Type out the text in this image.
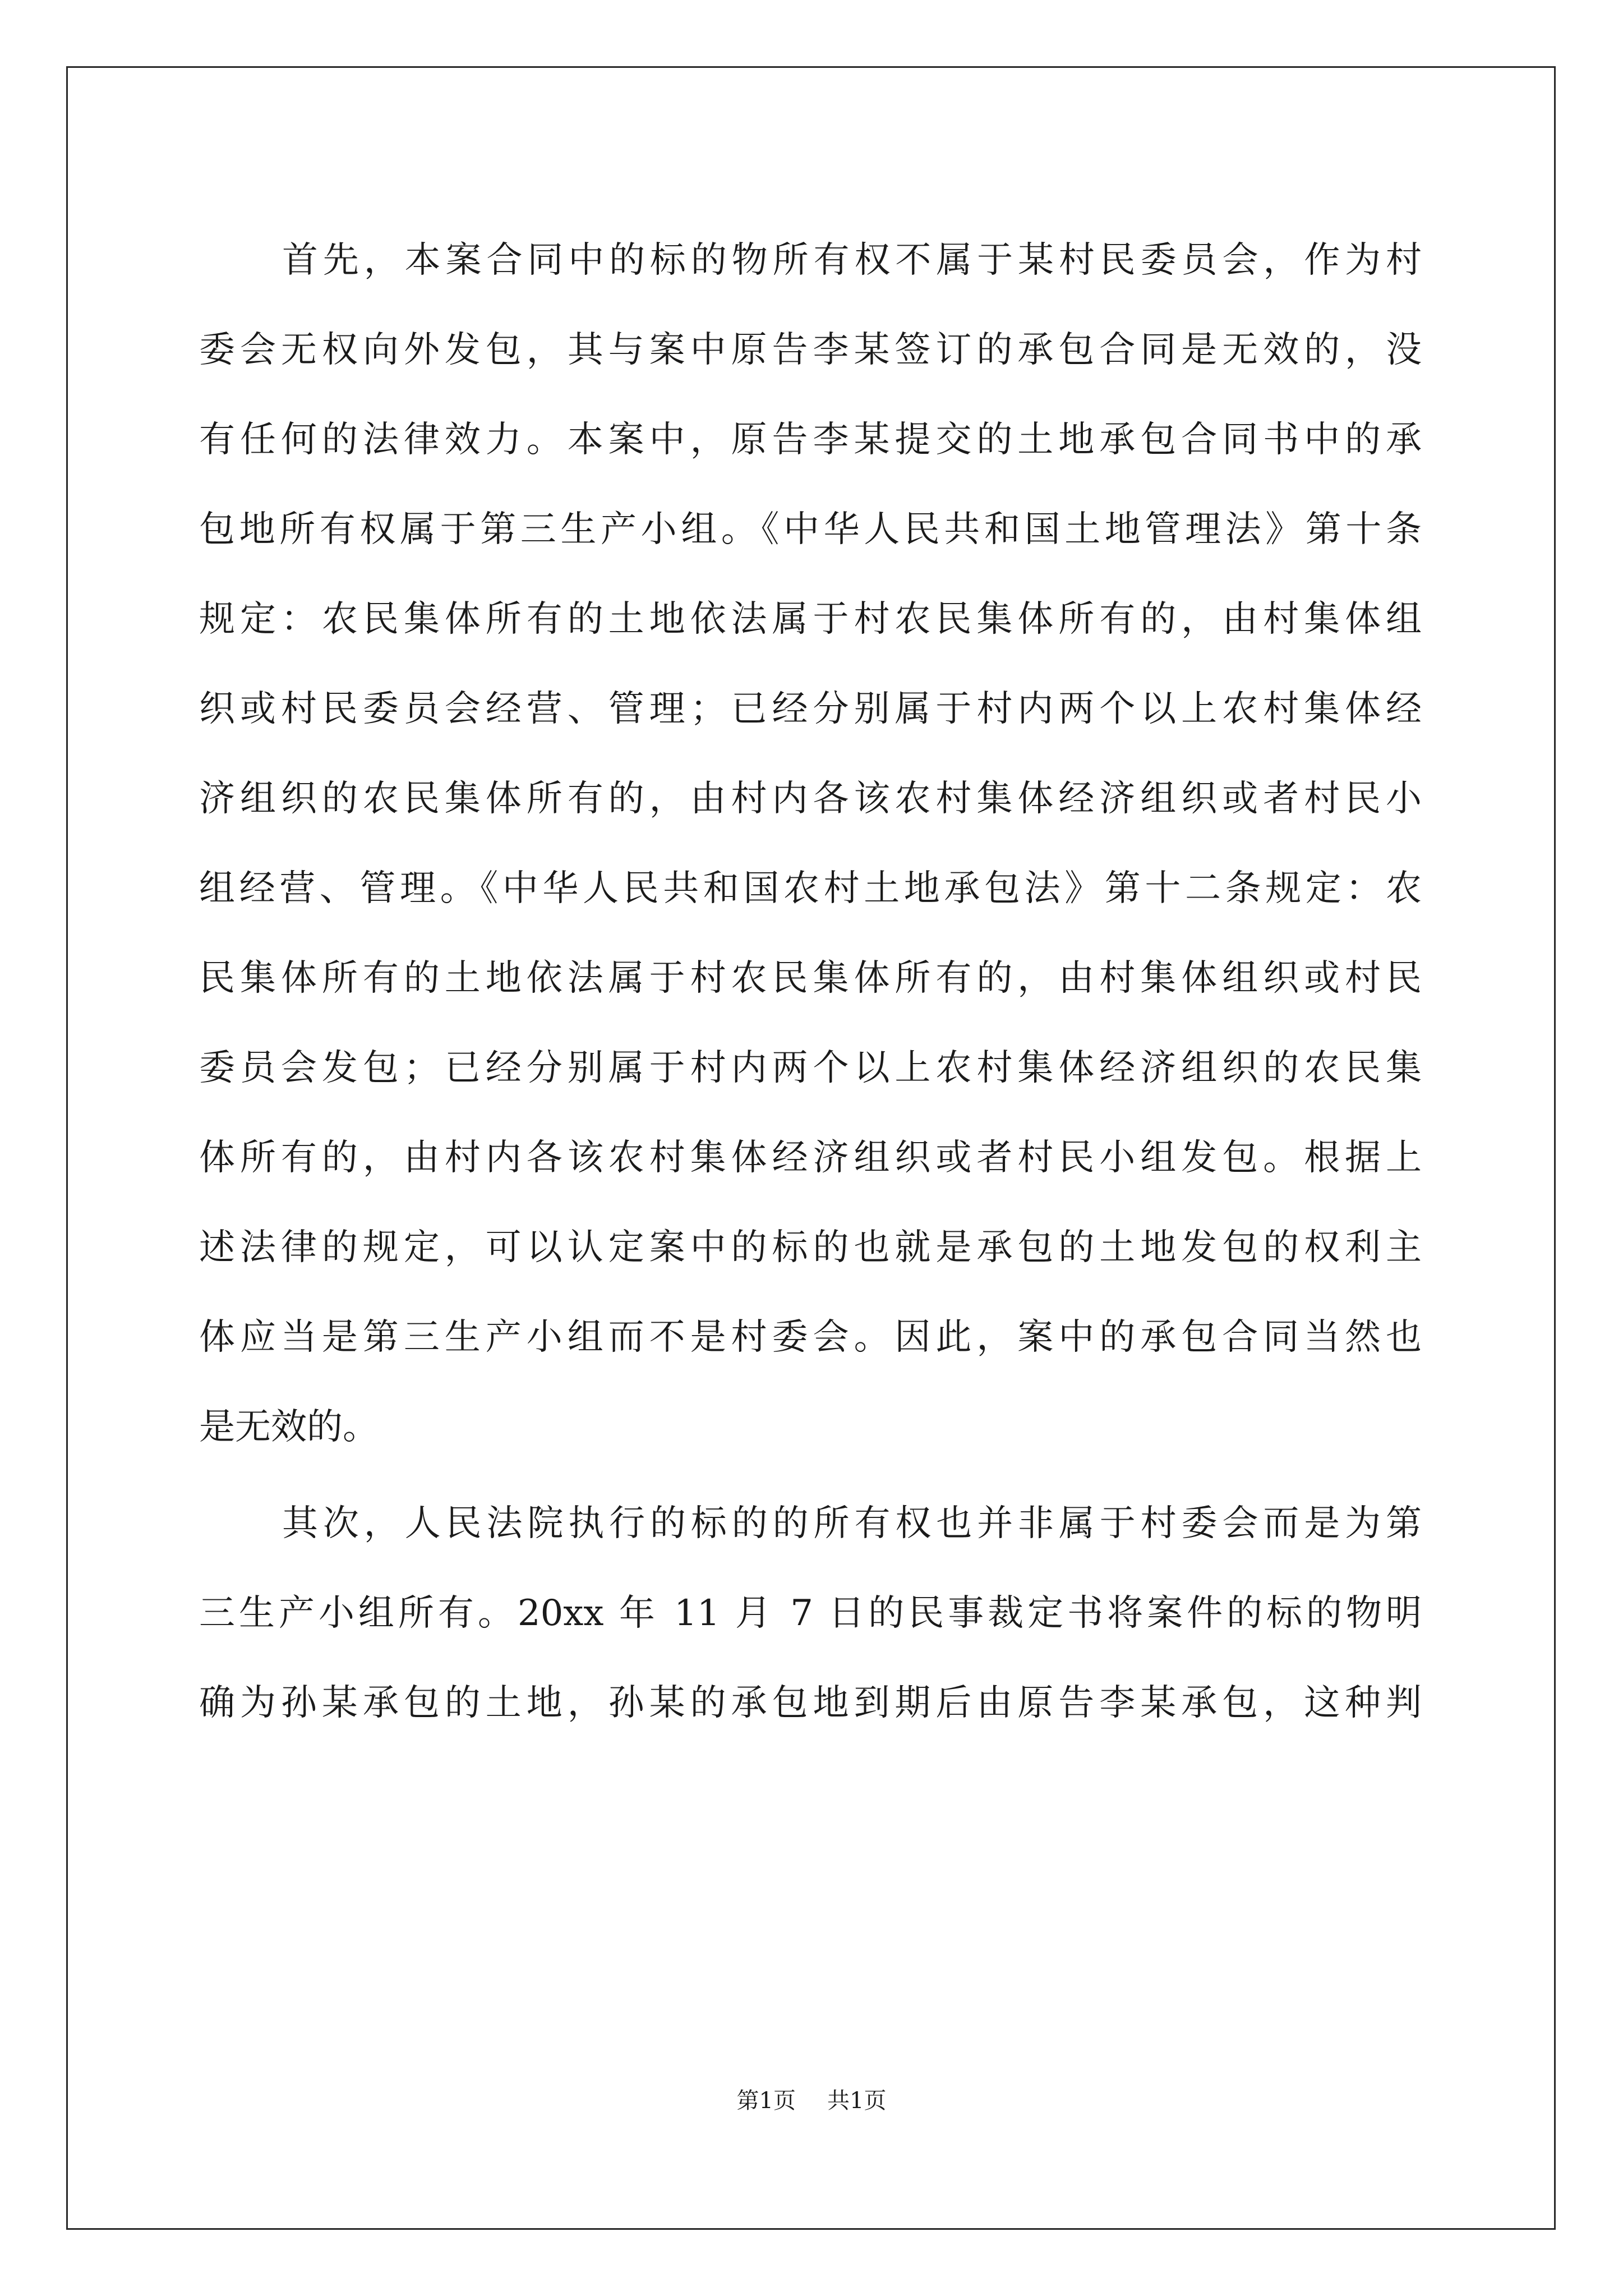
首先，本案合同中的标的物所有权不属于某村民委员会，作为村
委会无权向外发包，其与案中原告李某签订的承包合同是无效的，没
有任何的法律效力。本案中，原告李某提交的土地承包合同书中的承
包地所有权属于第三生产小组。《中华人民共和国土地管理法》第十条
规定：农民集体所有的土地依法属于村农民集体所有的，由村集体组
织或村民委员会经营、管理；已经分别属于村内两个以上农村集体经
济组织的农民集体所有的，由村内各该农村集体经济组织或者村民小
组经营、管理。《中华人民共和国农村土地承包法》第十二条规定：农
民集体所有的土地依法属于村农民集体所有的，由村集体组织或村民
委员会发包；已经分别属于村内两个以上农村集体经济组织的农民集
体所有的，由村内各该农村集体经济组织或者村民小组发包。根据上
述法律的规定，可以认定案中的标的也就是承包的土地发包的权利主
体应当是第三生产小组而不是村委会。因此，案中的承包合同当然也
是无效的。
其次，人民法院执行的标的的所有权也并非属于村委会而是为第
三生产小组所有。20xx 年 11 月 7 日的民事裁定书将案件的标的物明
确为孙某承包的土地，孙某的承包地到期后由原告李某承包，这种判
第1页 共1页
